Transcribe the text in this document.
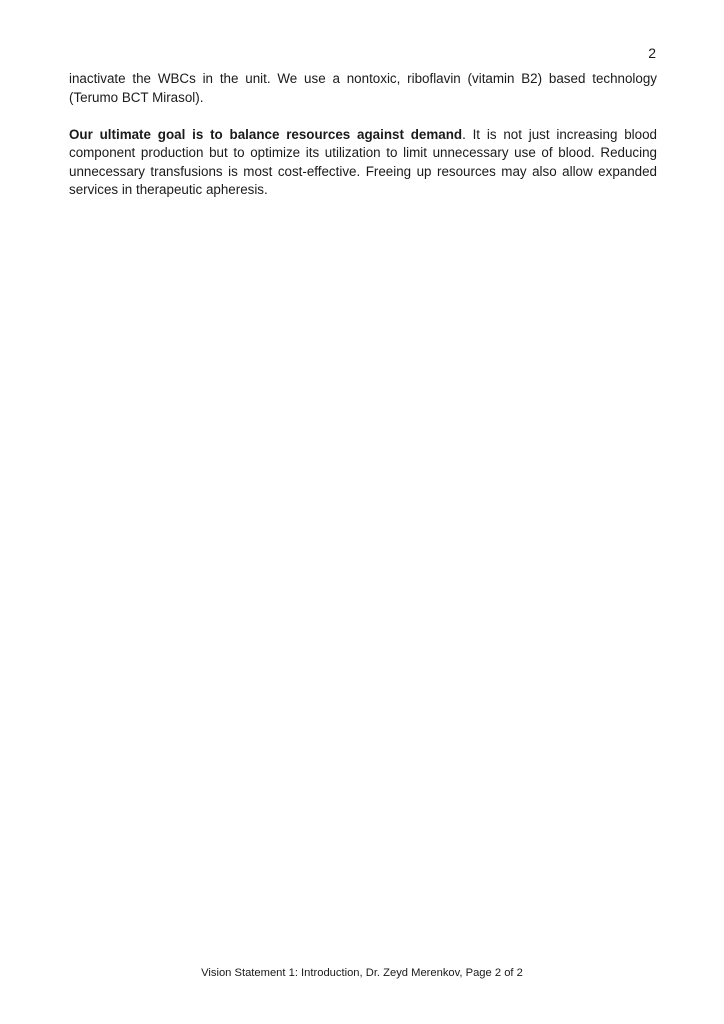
2

inactivate the WBCs in the unit. We use a nontoxic, riboflavin (vitamin B2) based technology (Terumo BCT Mirasol).

Our ultimate goal is to balance resources against demand. It is not just increasing blood component production but to optimize its utilization to limit unnecessary use of blood. Reducing unnecessary transfusions is most cost-effective. Freeing up resources may also allow expanded services in therapeutic apheresis.

Vision Statement 1: Introduction, Dr. Zeyd Merenkov, Page 2 of 2
